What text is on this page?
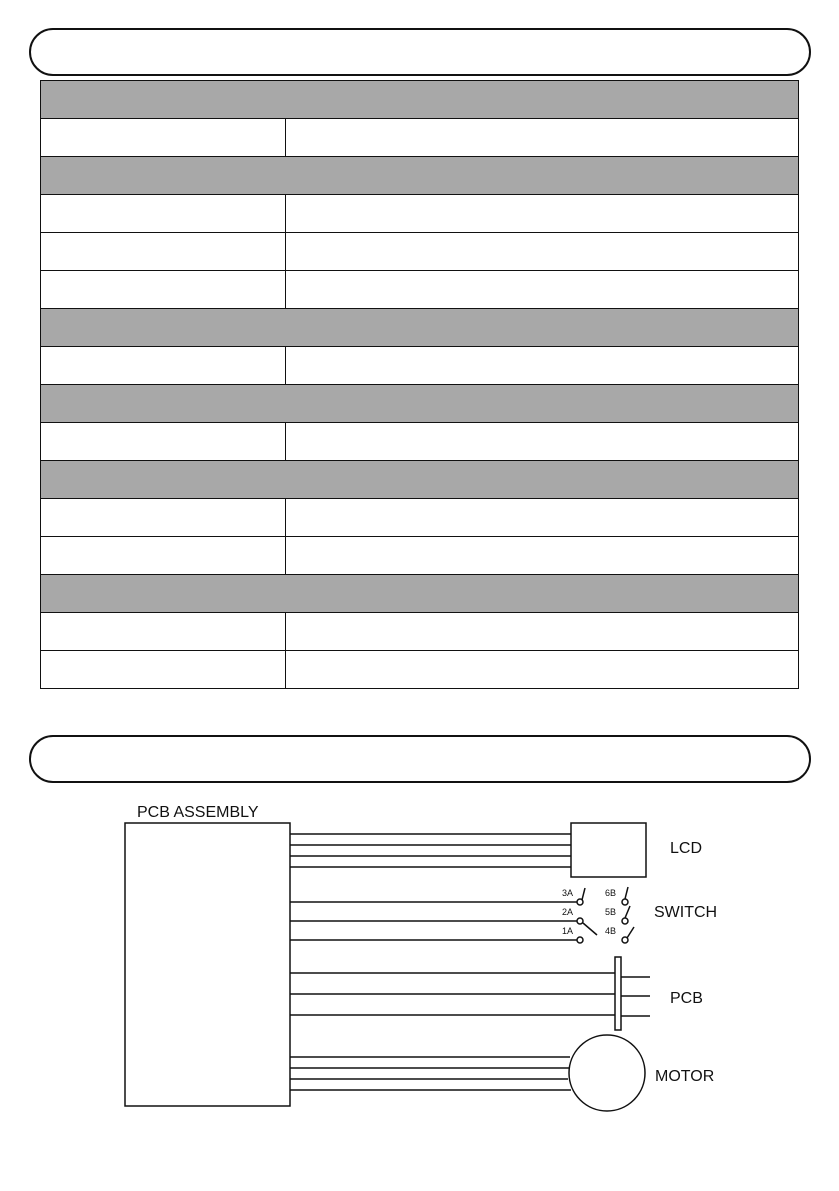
PCB ASSEMBLY
LCD
SWITCH
PCB
MOTOR
3A
2A
1A
6B
5B
4B
